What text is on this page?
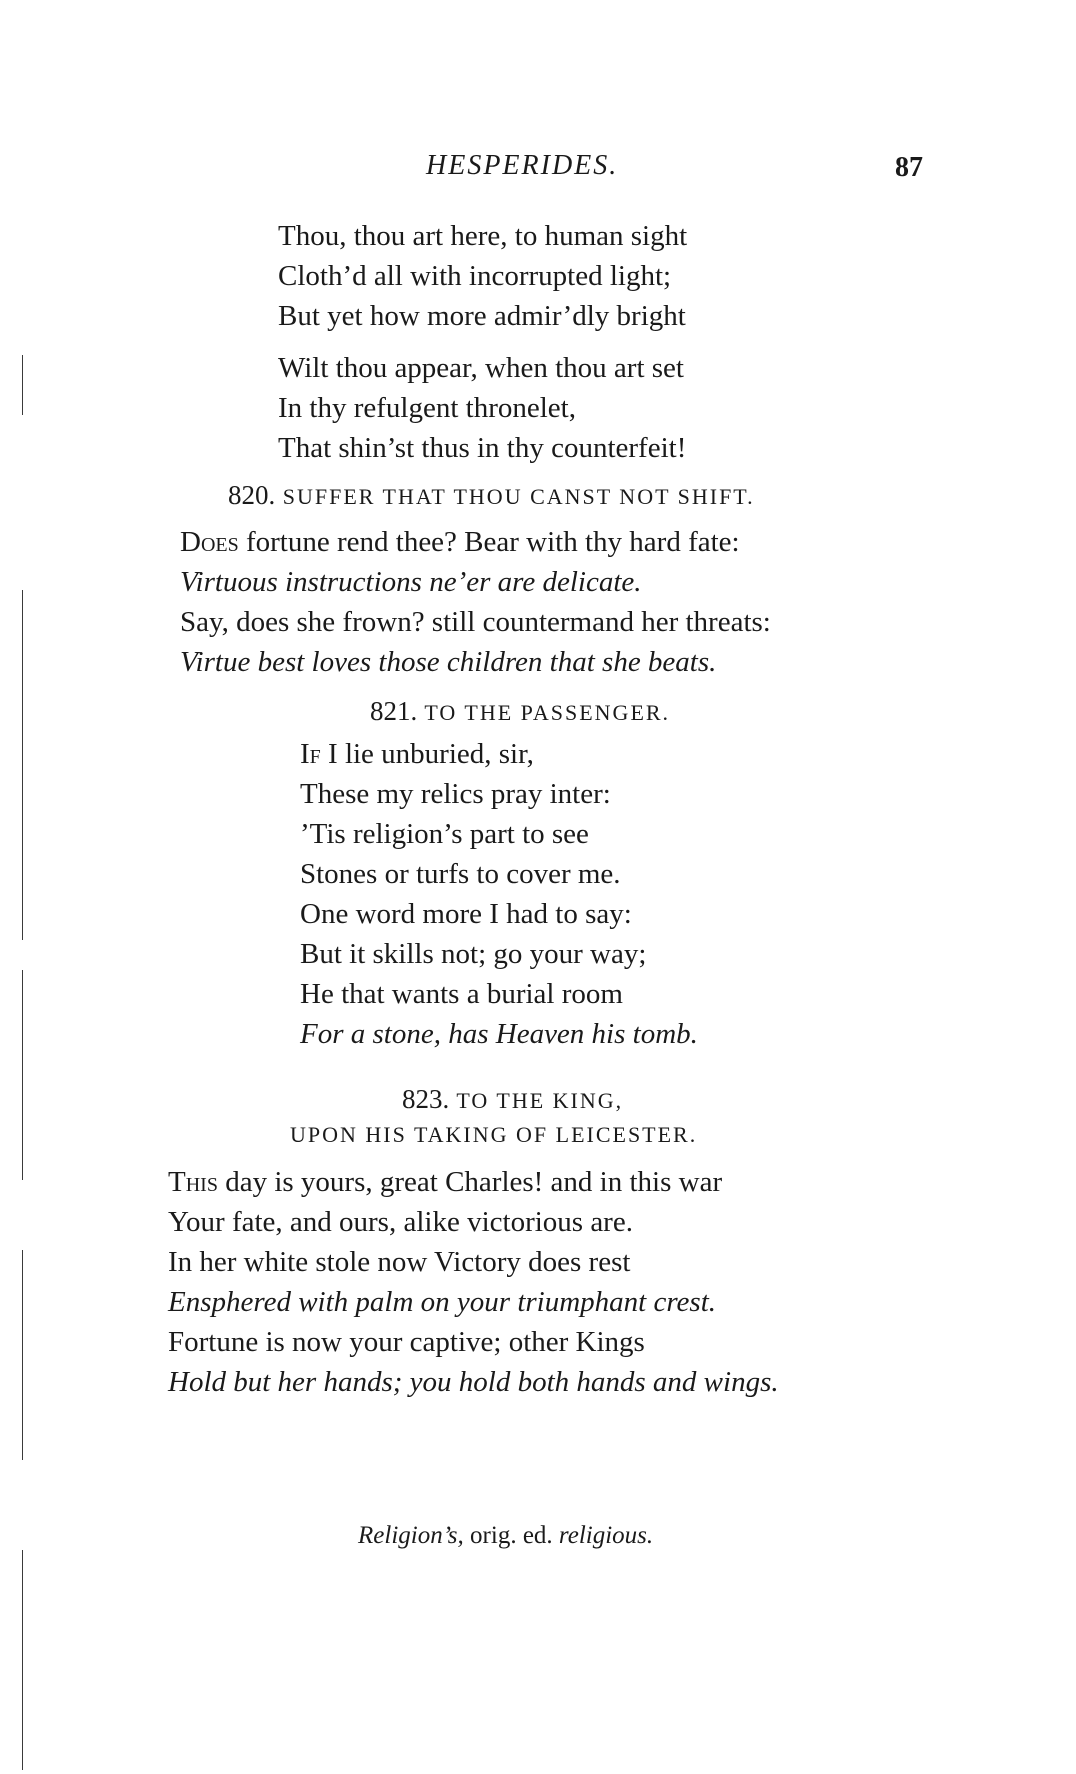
HESPERIDES.	87
Thou, thou art here, to human sight
Cloth’d all with incorrupted light;
But yet how more admir’dly bright
Wilt thou appear, when thou art set
In thy refulgent thronelet,
That shin’st thus in thy counterfeit!
820. SUFFER THAT THOU CANST NOT SHIFT.
Does fortune rend thee? Bear with thy hard fate:
Virtuous instructions ne’er are delicate.
Say, does she frown? still countermand her threats:
Virtue best loves those children that she beats.
821. TO THE PASSENGER.
If I lie unburied, sir,
These my relics pray inter:
’Tis religion’s part to see
Stones or turfs to cover me.
One word more I had to say:
But it skills not; go your way;
He that wants a burial room
For a stone, has Heaven his tomb.
823. TO THE KING,
UPON HIS TAKING OF LEICESTER.
This day is yours, great Charles! and in this war
Your fate, and ours, alike victorious are.
In her white stole now Victory does rest
Ensphered with palm on your triumphant crest.
Fortune is now your captive; other Kings
Hold but her hands; you hold both hands and wings.
Religion’s, orig. ed. religious.
